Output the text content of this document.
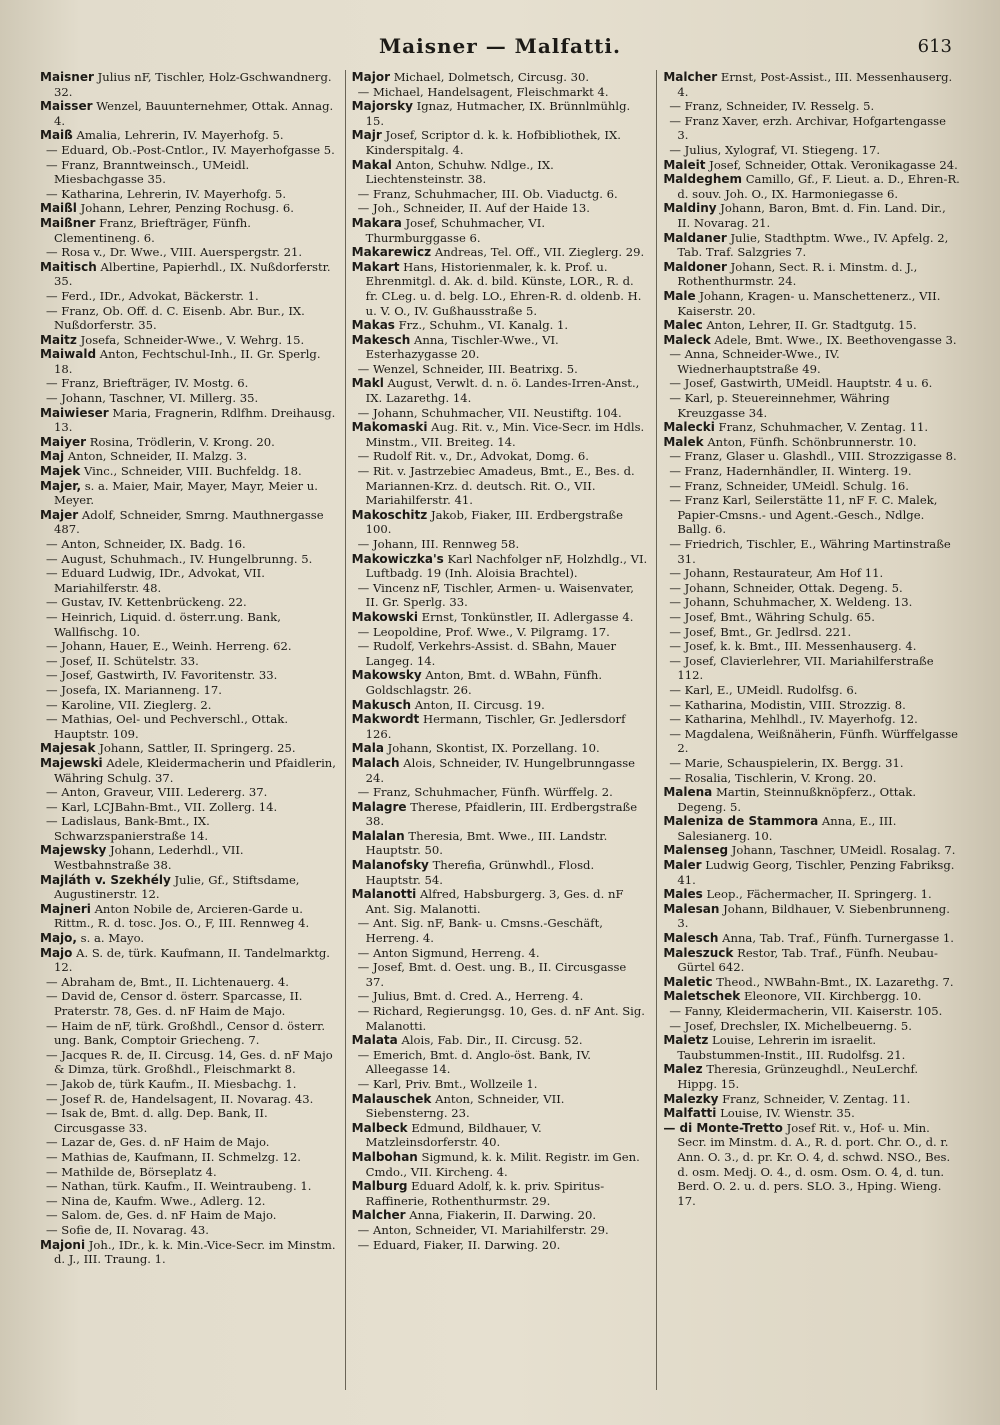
Maisner — Malfatti.	613

Maisner Julius nF, Tischler, Holz-Gschwandnerg. 32.

Maisser Wenzel, Bauunternehmer, Ottak. Annag. 4.

Maiß Amalia, Lehrerin, IV. Mayerhofg. 5.

— Eduard, Ob.-Post-Cntlor., IV. Mayerhofgasse 5.

— Franz, Branntweinsch., UMeidl. Miesbachgasse 35.

— Katharina, Lehrerin, IV. Mayerhofg. 5.

Maißl Johann, Lehrer, Penzing Rochusg. 6.

Maißner Franz, Briefträger, Fünfh. Clementineng. 6.

— Rosa v., Dr. Wwe., VIII. Auerspergstr. 21.

Maitisch Albertine, Papierhdl., IX. Nußdorferstr. 35.

— Ferd., IDr., Advokat, Bäckerstr. 1.

— Franz, Ob. Off. d. C. Eisenb. Abr. Bur., IX. Nußdorferstr. 35.

Maitz Josefa, Schneider-Wwe., V. Wehrg. 15.

Maiwald Anton, Fechtschul-Inh., II. Gr. Sperlg. 18.

— Franz, Briefträger, IV. Mostg. 6.

— Johann, Taschner, VI. Millerg. 35.

Maiwieser Maria, Fragnerin, Rdlfhm. Dreihausg. 13.

Maiyer Rosina, Trödlerin, V. Krong. 20.

Maj Anton, Schneider, II. Malzg. 3.

Majek Vinc., Schneider, VIII. Buchfeldg. 18.

Majer, s. a. Maier, Mair, Mayer, Mayr, Meier u. Meyer.

Majer Adolf, Schneider, Smrng. Mauthnergasse 487.

— Anton, Schneider, IX. Badg. 16.

— August, Schuhmach., IV. Hungelbrunng. 5.

— Eduard Ludwig, IDr., Advokat, VII. Mariahilferstr. 48.

— Gustav, IV. Kettenbrückeng. 22.

— Heinrich, Liquid. d. österr.ung. Bank, Wallfischg. 10.

— Johann, Hauer, E., Weinh. Herreng. 62.

— Josef, II. Schütelstr. 33.

— Josef, Gastwirth, IV. Favoritenstr. 33.

— Josefa, IX. Marianneng. 17.

— Karoline, VII. Zieglerg. 2.

— Mathias, Oel- und Pechverschl., Ottak. Hauptstr. 109.

Majesak Johann, Sattler, II. Springerg. 25.

Majewski Adele, Kleidermacherin und Pfaidlerin, Währing Schulg. 37.

— Anton, Graveur, VIII. Ledererg. 37.

— Karl, LCJBahn-Bmt., VII. Zollerg. 14.

— Ladislaus, Bank-Bmt., IX. Schwarzspanierstraße 14.

Majewsky Johann, Lederhdl., VII. Westbahnstraße 38.

Majláth v. Szekhély Julie, Gf., Stiftsdame, Augustinerstr. 12.

Majneri Anton Nobile de, Arcieren-Garde u. Rittm., R. d. tosc. Jos. O., F, III. Rennweg 4.

Majo, s. a. Mayo.

Majo A. S. de, türk. Kaufmann, II. Tandelmarktg. 12.

— Abraham de, Bmt., II. Lichtenauerg. 4.

— David de, Censor d. österr. Sparcasse, II. Praterstr. 78, Ges. d. nF Haim de Majo.

— Haim de nF, türk. Großhdl., Censor d. österr. ung. Bank, Comptoir Griecheng. 7.

— Jacques R. de, II. Circusg. 14, Ges. d. nF Majo & Dimza, türk. Großhdl., Fleischmarkt 8.

— Jakob de, türk Kaufm., II. Miesbachg. 1.

— Josef R. de, Handelsagent, II. Novarag. 43.

— Isak de, Bmt. d. allg. Dep. Bank, II. Circusgasse 33.

— Lazar de, Ges. d. nF Haim de Majo.

— Mathias de, Kaufmann, II. Schmelzg. 12.

— Mathilde de, Börseplatz 4.

— Nathan, türk. Kaufm., II. Weintraubeng. 1.

— Nina de, Kaufm. Wwe., Adlerg. 12.

— Salom. de, Ges. d. nF Haim de Majo.

— Sofie de, II. Novarag. 43.

Majoni Joh., IDr., k. k. Min.-Vice-Secr. im Minstm. d. J., III. Traung. 1.

Major Michael, Dolmetsch, Circusg. 30.

— Michael, Handelsagent, Fleischmarkt 4.

Majorsky Ignaz, Hutmacher, IX. Brünnlmühlg. 15.

Majr Josef, Scriptor d. k. k. Hofbibliothek, IX. Kinderspitalg. 4.

Makal Anton, Schuhw. Ndlge., IX. Liechtensteinstr. 38.

— Franz, Schuhmacher, III. Ob. Viaductg. 6.

— Joh., Schneider, II. Auf der Haide 13.

Makara Josef, Schuhmacher, VI. Thurmburggasse 6.

Makarewicz Andreas, Tel. Off., VII. Zieglerg. 29.

Makart Hans, Historienmaler, k. k. Prof. u. Ehrenmitgl. d. Ak. d. bild. Künste, LOR., R. d. fr. CLeg. u. d. belg. LO., Ehren-R. d. oldenb. H. u. V. O., IV. Gußhausstraße 5.

Makas Frz., Schuhm., VI. Kanalg. 1.

Makesch Anna, Tischler-Wwe., VI. Esterhazygasse 20.

— Wenzel, Schneider, III. Beatrixg. 5.

Makl August, Verwlt. d. n. ö. Landes-Irren-Anst., IX. Lazarethg. 14.

— Johann, Schuhmacher, VII. Neustiftg. 104.

Makomaski Aug. Rit. v., Min. Vice-Secr. im Hdls. Minstm., VII. Breiteg. 14.

— Rudolf Rit. v., Dr., Advokat, Domg. 6.

— Rit. v. Jastrzebiec Amadeus, Bmt., E., Bes. d. Mariannen-Krz. d. deutsch. Rit. O., VII. Mariahilferstr. 41.

Makoschitz Jakob, Fiaker, III. Erdbergstraße 100.

— Johann, III. Rennweg 58.

Makowiczka's Karl Nachfolger nF, Holzhdlg., VI. Luftbadg. 19 (Inh. Aloisia Brachtel).

— Vincenz nF, Tischler, Armen- u. Waisenvater, II. Gr. Sperlg. 33.

Makowski Ernst, Tonkünstler, II. Adlergasse 4.

— Leopoldine, Prof. Wwe., V. Pilgramg. 17.

— Rudolf, Verkehrs-Assist. d. SBahn, Mauer Langeg. 14.

Makowsky Anton, Bmt. d. WBahn, Fünfh. Goldschlagstr. 26.

Makusch Anton, II. Circusg. 19.

Makwordt Hermann, Tischler, Gr. Jedlersdorf 126.

Mala Johann, Skontist, IX. Porzellang. 10.

Malach Alois, Schneider, IV. Hungelbrunngasse 24.

— Franz, Schuhmacher, Fünfh. Würffelg. 2.

Malagre Therese, Pfaidlerin, III. Erdbergstraße 38.

Malalan Theresia, Bmt. Wwe., III. Landstr. Hauptstr. 50.

Malanofsky Therefia, Grünwhdl., Flosd. Hauptstr. 54.

Malanotti Alfred, Habsburgerg. 3, Ges. d. nF Ant. Sig. Malanotti.

— Ant. Sig. nF, Bank- u. Cmsns.-Geschäft, Herreng. 4.

— Anton Sigmund, Herreng. 4.

— Josef, Bmt. d. Oest. ung. B., II. Circusgasse 37.

— Julius, Bmt. d. Cred. A., Herreng. 4.

— Richard, Regierungsg. 10, Ges. d. nF Ant. Sig. Malanotti.

Malata Alois, Fab. Dir., II. Circusg. 52.

— Emerich, Bmt. d. Anglo-öst. Bank, IV. Alleegasse 14.

— Karl, Priv. Bmt., Wollzeile 1.

Malauschek Anton, Schneider, VII. Siebensterng. 23.

Malbeck Edmund, Bildhauer, V. Matzleinsdorferstr. 40.

Malbohan Sigmund, k. k. Milit. Registr. im Gen. Cmdo., VII. Kircheng. 4.

Malburg Eduard Adolf, k. k. priv. Spiritus-Raffinerie, Rothenthurmstr. 29.

Malcher Anna, Fiakerin, II. Darwing. 20.

— Anton, Schneider, VI. Mariahilferstr. 29.

— Eduard, Fiaker, II. Darwing. 20.

Malcher Ernst, Post-Assist., III. Messenhauserg. 4.

— Franz, Schneider, IV. Resselg. 5.

— Franz Xaver, erzh. Archivar, Hofgartengasse 3.

— Julius, Xylograf, VI. Stiegeng. 17.

Maleit Josef, Schneider, Ottak. Veronikagasse 24.

Maldeghem Camillo, Gf., F. Lieut. a. D., Ehren-R. d. souv. Joh. O., IX. Harmoniegasse 6.

Maldiny Johann, Baron, Bmt. d. Fin. Land. Dir., II. Novarag. 21.

Maldaner Julie, Stadthptm. Wwe., IV. Apfelg. 2, Tab. Traf. Salzgries 7.

Maldoner Johann, Sect. R. i. Minstm. d. J., Rothenthurmstr. 24.

Male Johann, Kragen- u. Manschettenerz., VII. Kaiserstr. 20.

Malec Anton, Lehrer, II. Gr. Stadtgutg. 15.

Maleck Adele, Bmt. Wwe., IX. Beethovengasse 3.

— Anna, Schneider-Wwe., IV. Wiednerhauptstraße 49.

— Josef, Gastwirth, UMeidl. Hauptstr. 4 u. 6.

— Karl, p. Steuereinnehmer, Währing Kreuzgasse 34.

Malecki Franz, Schuhmacher, V. Zentag. 11.

Malek Anton, Fünfh. Schönbrunnerstr. 10.

— Franz, Glaser u. Glashdl., VIII. Strozzigasse 8.

— Franz, Hadernhändler, II. Winterg. 19.

— Franz, Schneider, UMeidl. Schulg. 16.

— Franz Karl, Seilerstätte 11, nF F. C. Malek, Papier-Cmsns.- und Agent.-Gesch., Ndlge. Ballg. 6.

— Friedrich, Tischler, E., Währing Martinstraße 31.

— Johann, Restaurateur, Am Hof 11.

— Johann, Schneider, Ottak. Degeng. 5.

— Johann, Schuhmacher, X. Weldeng. 13.

— Josef, Bmt., Währing Schulg. 65.

— Josef, Bmt., Gr. Jedlrsd. 221.

— Josef, k. k. Bmt., III. Messenhauserg. 4.

— Josef, Clavierlehrer, VII. Mariahilferstraße 112.

— Karl, E., UMeidl. Rudolfsg. 6.

— Katharina, Modistin, VIII. Strozzig. 8.

— Katharina, Mehlhdl., IV. Mayerhofg. 12.

— Magdalena, Weißnäherin, Fünfh. Würffelgasse 2.

— Marie, Schauspielerin, IX. Bergg. 31.

— Rosalia, Tischlerin, V. Krong. 20.

Malena Martin, Steinnußknöpferz., Ottak. Degeng. 5.

Maleniza de Stammora Anna, E., III. Salesianerg. 10.

Malenseg Johann, Taschner, UMeidl. Rosalag. 7.

Maler Ludwig Georg, Tischler, Penzing Fabriksg. 41.

Males Leop., Fächermacher, II. Springerg. 1.

Malesan Johann, Bildhauer, V. Siebenbrunneng. 3.

Malesch Anna, Tab. Traf., Fünfh. Turnergasse 1.

Maleszuck Restor, Tab. Traf., Fünfh. Neubau-Gürtel 642.

Maletic Theod., NWBahn-Bmt., IX. Lazarethg. 7.

Maletschek Eleonore, VII. Kirchbergg. 10.

— Fanny, Kleidermacherin, VII. Kaiserstr. 105.

— Josef, Drechsler, IX. Michelbeuerng. 5.

Maletz Louise, Lehrerin im israelit. Taubstummen-Instit., III. Rudolfsg. 21.

Malez Theresia, Grünzeughdl., NeuLerchf. Hippg. 15.

Malezky Franz, Schneider, V. Zentag. 11.

Malfatti Louise, IV. Wienstr. 35.

— di Monte-Tretto Josef Rit. v., Hof- u. Min. Secr. im Minstm. d. A., R. d. port. Chr. O., d. r. Ann. O. 3., d. pr. Kr. O. 4, d. schwd. NSO., Bes. d. osm. Medj. O. 4., d. osm. Osm. O. 4, d. tun. Berd. O. 2. u. d. pers. SLO. 3., Hping. Wieng. 17.
